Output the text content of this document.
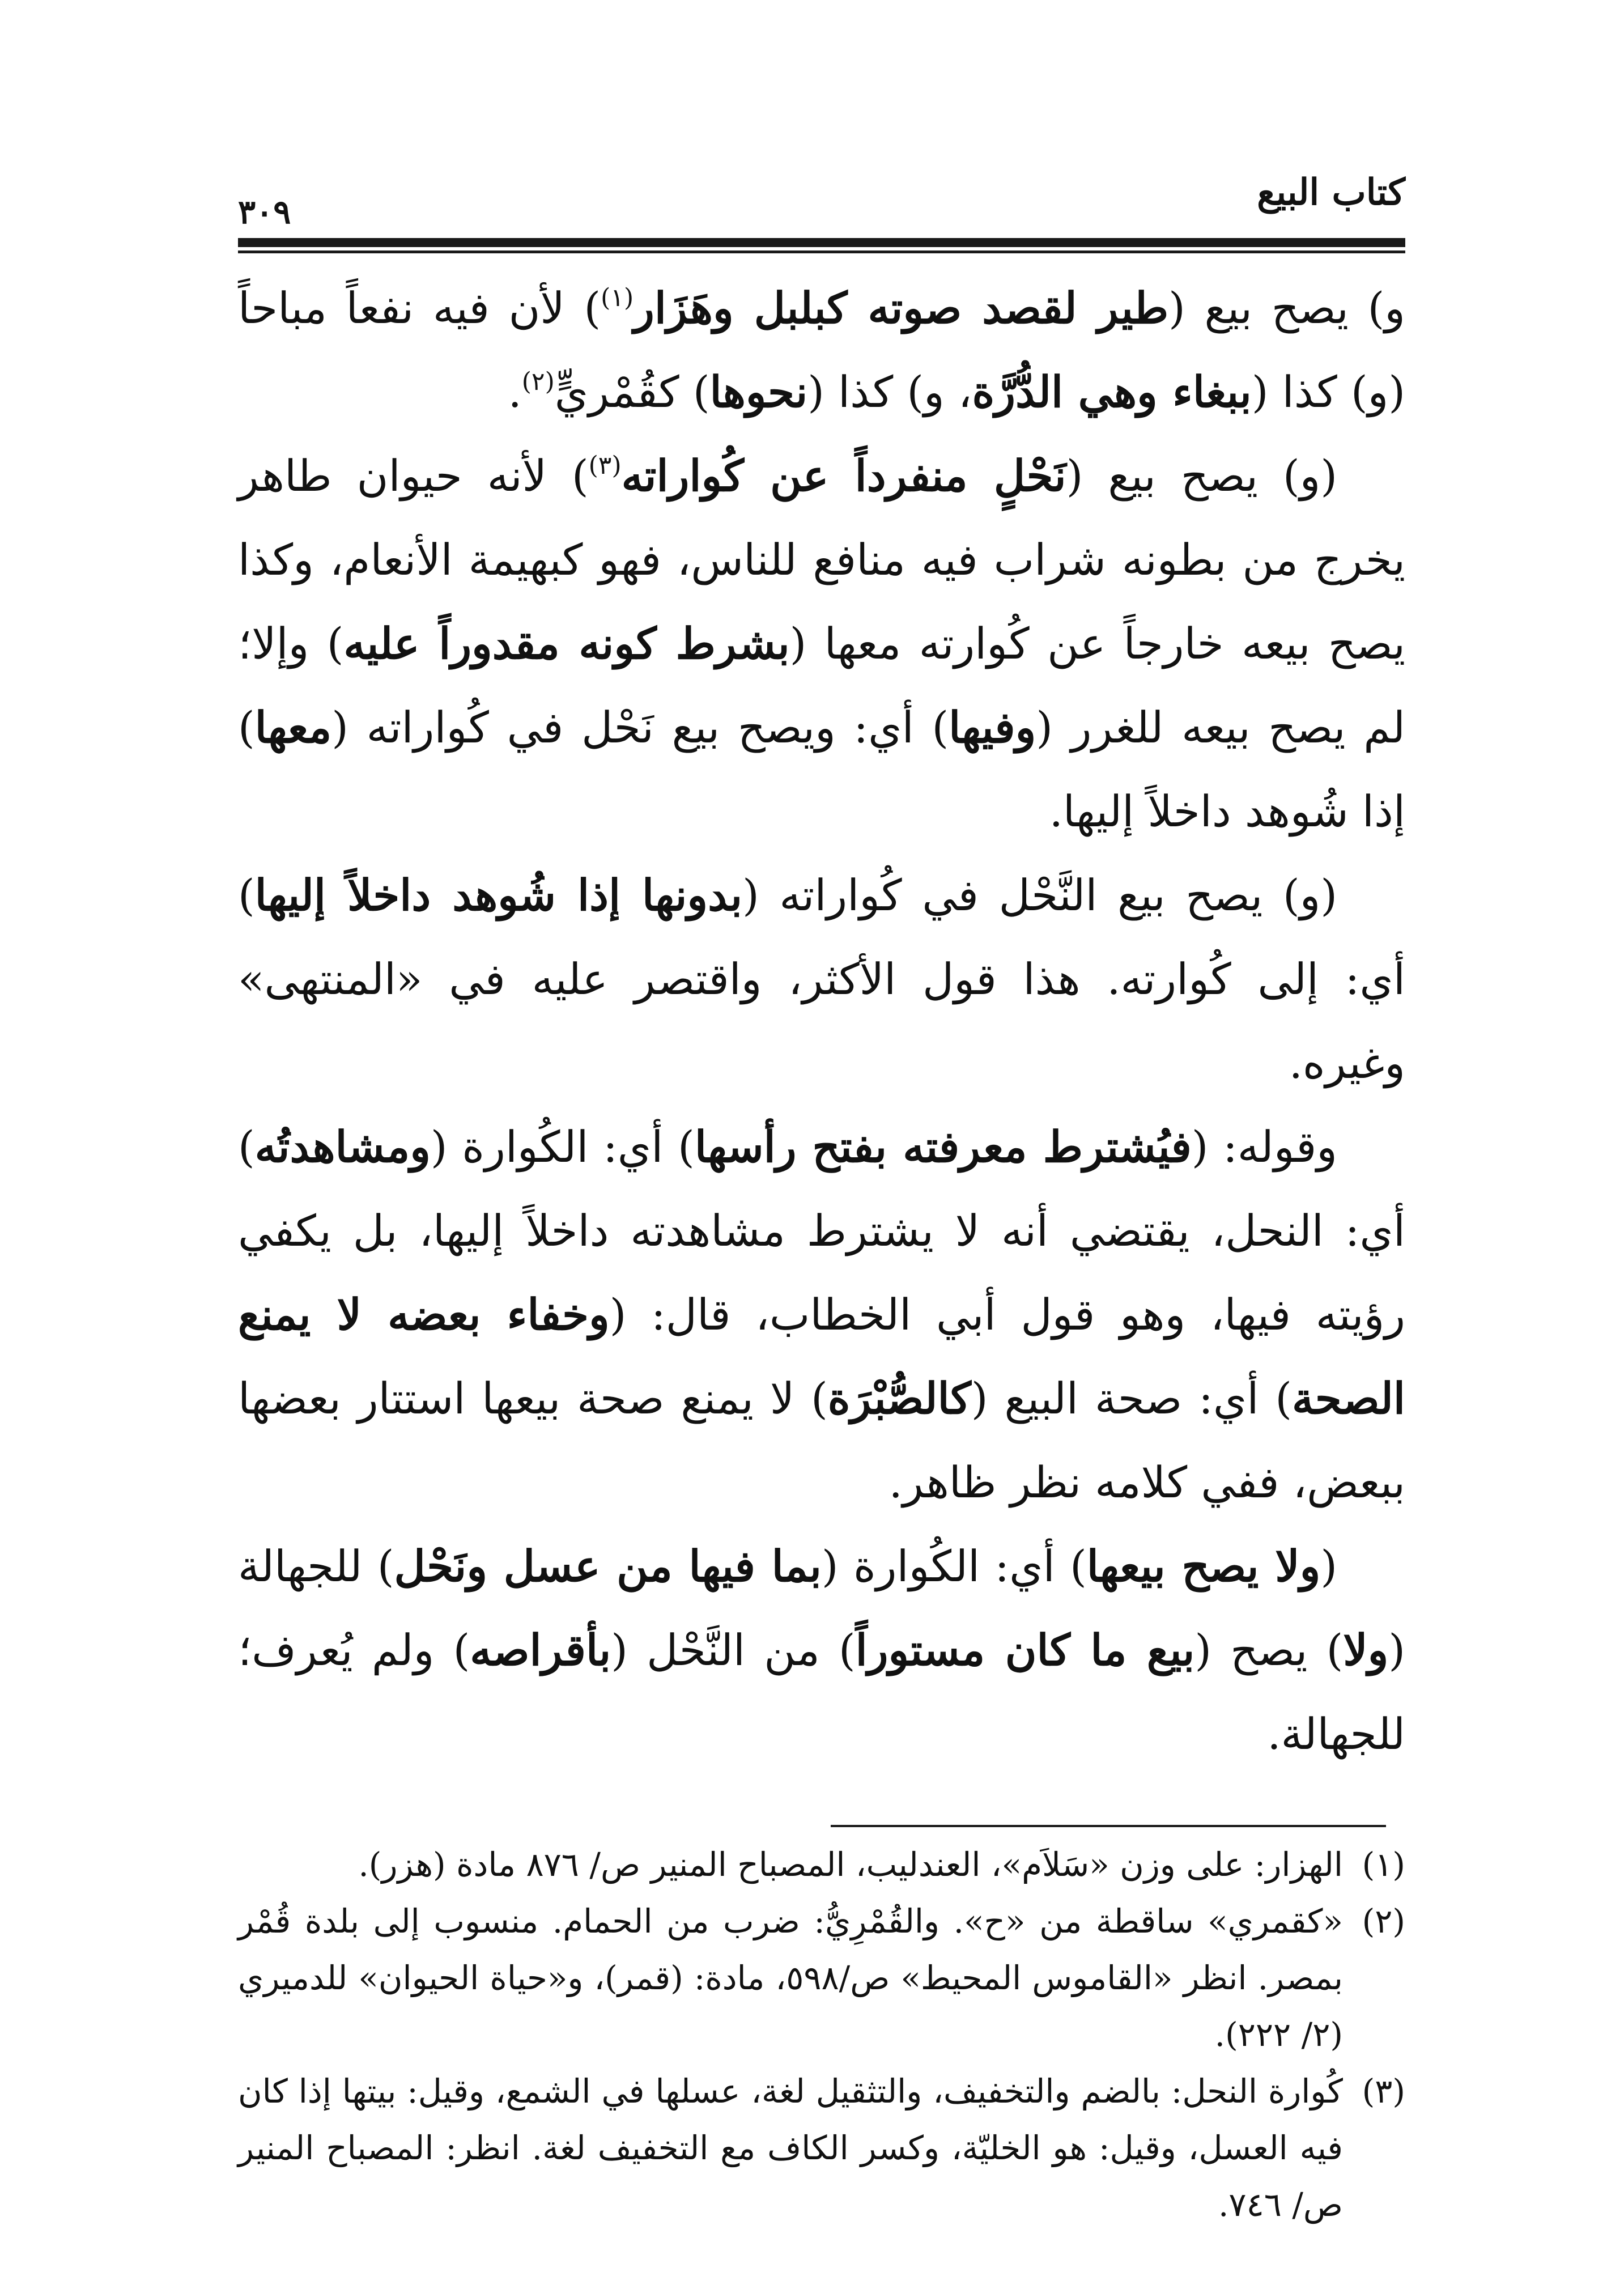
٣٠٩	كتاب البيع

و) يصح بيع (طير لقصد صوته كبلبل وهَزَار$^{(١)}$) لأن فيه نفعاً مباحاً (و) كذا (ببغاء وهي الدُّرَّة، و) كذا (نحوها) كقُمْريٍّ$^{(٢)}$.

(و) يصح بيع (نَحْلٍ منفرداً عن كُواراته$^{(٣)}$) لأنه حيوان طاهر يخرج من بطونه شراب فيه منافع للناس، فهو كبهيمة الأنعام، وكذا يصح بيعه خارجاً عن كُوارته معها (بشرط كونه مقدوراً عليه) وإلا؛ لم يصح بيعه للغرر (وفيها) أي: ويصح بيع نَحْل في كُواراته (معها) إذا شُوهد داخلاً إليها.

(و) يصح بيع النَّحْل في كُواراته (بدونها إذا شُوهد داخلاً إليها) أي: إلى كُوارته. هذا قول الأكثر، واقتصر عليه في «المنتهى» وغيره.

وقوله: (فيُشترط معرفته بفتح رأسها) أي: الكُوارة (ومشاهدتُه) أي: النحل، يقتضي أنه لا يشترط مشاهدته داخلاً إليها، بل يكفي رؤيته فيها، وهو قول أبي الخطاب، قال: (وخفاء بعضه لا يمنع الصحة) أي: صحة البيع (كالصُّبْرَة) لا يمنع صحة بيعها استتار بعضها ببعض، ففي كلامه نظر ظاهر.

(ولا يصح بيعها) أي: الكُوارة (بما فيها من عسل ونَحْل) للجهالة (ولا) يصح (بيع ما كان مستوراً) من النَّحْل (بأقراصه) ولم يُعرف؛ للجهالة.

(١)الهزار: على وزن «سَلاَم»، العندليب، المصباح المنير ص/ ٨٧٦ مادة (هزر).

(٢)«كقمري» ساقطة من «ح». والقُمْرِيُّ: ضرب من الحمام. منسوب إلى بلدة قُمْر بمصر. انظر «القاموس المحيط» ص/٥٩٨، مادة: (قمر)، و«حياة الحيوان» للدميري (٢/ ٢٢٢).

(٣)كُوارة النحل: بالضم والتخفيف، والتثقيل لغة، عسلها في الشمع، وقيل: بيتها إذا كان فيه العسل، وقيل: هو الخليّة، وكسر الكاف مع التخفيف لغة. انظر: المصباح المنير ص/ ٧٤٦.
